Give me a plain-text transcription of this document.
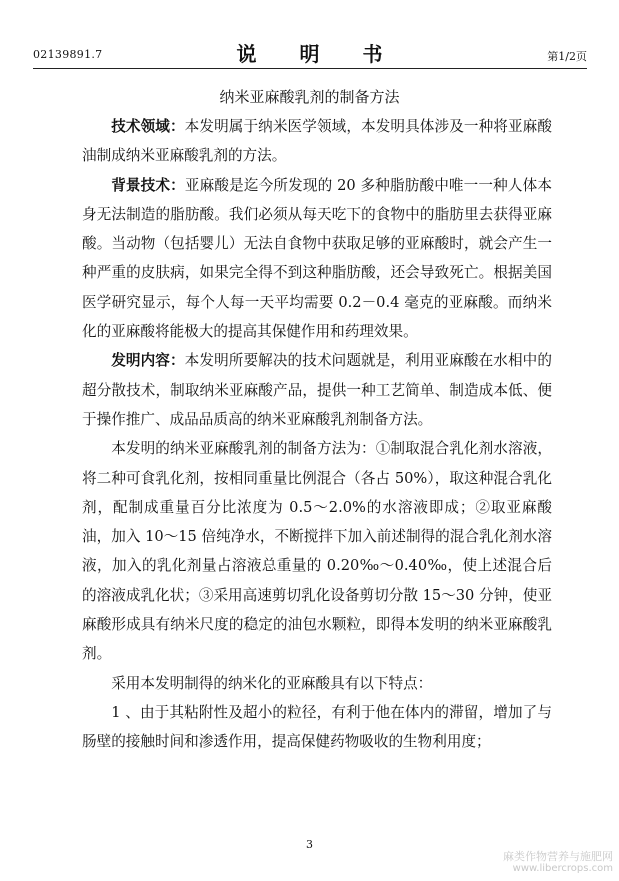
02139891.7	说 明 书	第1/2页
纳米亚麻酸乳剂的制备方法

技术领域：本发明属于纳米医学领域，本发明具体涉及一种将亚麻酸油制成纳米亚麻酸乳剂的方法。

背景技术：亚麻酸是迄今所发现的 20 多种脂肪酸中唯一一种人体本身无法制造的脂肪酸。我们必须从每天吃下的食物中的脂肪里去获得亚麻酸。当动物（包括婴儿）无法自食物中获取足够的亚麻酸时，就会产生一种严重的皮肤病，如果完全得不到这种脂肪酸，还会导致死亡。根据美国医学研究显示，每个人每一天平均需要 0.2－0.4 毫克的亚麻酸。而纳米化的亚麻酸将能极大的提高其保健作用和药理效果。

发明内容：本发明所要解决的技术问题就是，利用亚麻酸在水相中的超分散技术，制取纳米亚麻酸产品，提供一种工艺简单、制造成本低、便于操作推广、成品品质高的纳米亚麻酸乳剂制备方法。

本发明的纳米亚麻酸乳剂的制备方法为：①制取混合乳化剂水溶液，将二种可食乳化剂，按相同重量比例混合（各占 50%），取这种混合乳化剂，配制成重量百分比浓度为 0.5～2.0%的水溶液即成；②取亚麻酸油，加入 10～15 倍纯净水，不断搅拌下加入前述制得的混合乳化剂水溶液，加入的乳化剂量占溶液总重量的 0.20‰～0.40‰，使上述混合后的溶液成乳化状；③采用高速剪切乳化设备剪切分散 15～30 分钟，使亚麻酸形成具有纳米尺度的稳定的油包水颗粒，即得本发明的纳米亚麻酸乳剂。

采用本发明制得的纳米化的亚麻酸具有以下特点：

1 、由于其粘附性及超小的粒径，有利于他在体内的滞留，增加了与肠壁的接触时间和渗透作用，提高保健药物吸收的生物利用度；

3
麻类作物营养与施肥网
www.libercrops.com
